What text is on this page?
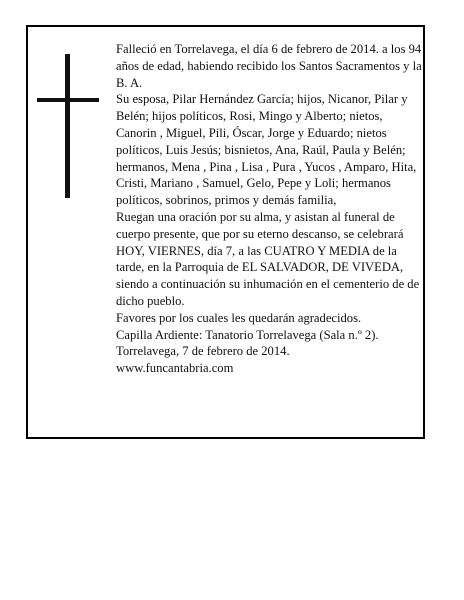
Falleció en Torrelavega, el día 6 de febrero de 2014. a los 94 años de edad, habiendo recibido los Santos Sacramentos y la B. A.

Su esposa, Pilar Hernández García; hijos, Nicanor, Pilar y Belén; hijos políticos, Rosi, Mingo y Alberto; nietos, Canorin , Miguel, Pili, Óscar, Jorge y Eduardo; nietos políticos, Luis Jesús; bisnietos, Ana, Raúl, Paula y Belén; hermanos, Mena , Pina , Lisa , Pura , Yucos , Amparo, Hita, Cristi, Mariano , Samuel, Gelo, Pepe y Loli; hermanos políticos, sobrinos, primos y demás familia,

Ruegan una oración por su alma, y asistan al funeral de cuerpo presente, que por su eterno descanso, se celebrará HOY, VIERNES, día 7, a las CUATRO Y MEDIA de la tarde, en la Parroquia de EL SALVADOR, DE VIVEDA, siendo a continuación su inhumación en el cementerio de de dicho pueblo.

Favores por los cuales les quedarán agradecidos.

Capilla Ardiente: Tanatorio Torrelavega (Sala n.º 2).

Torrelavega, 7 de febrero de 2014.

www.funcantabria.com
